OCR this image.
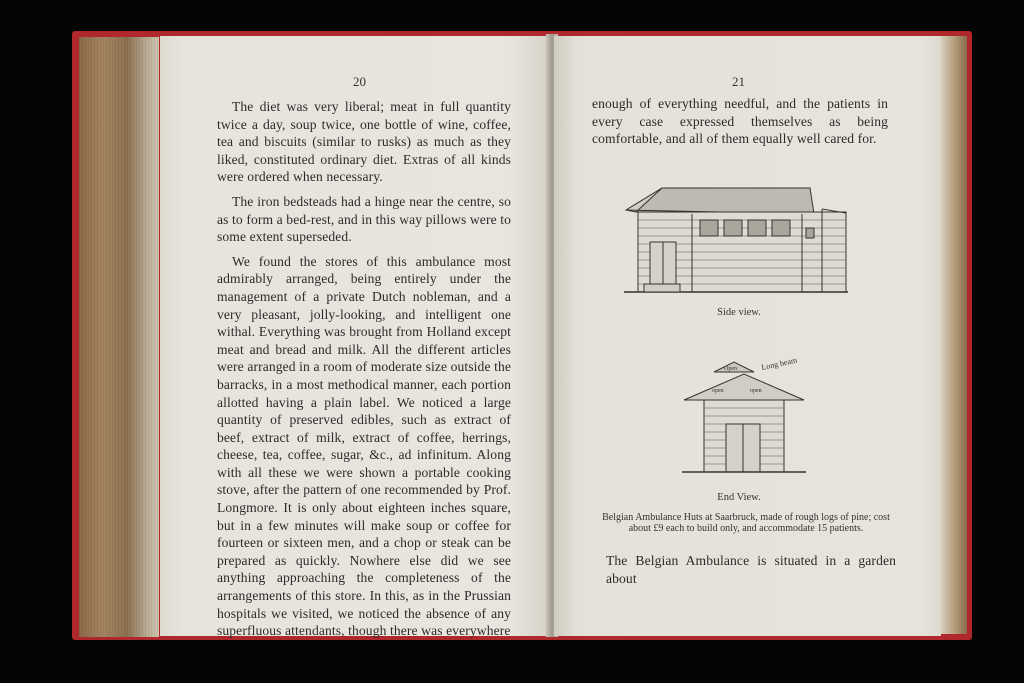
20

The diet was very liberal; meat in full quantity twice a day, soup twice, one bottle of wine, coffee, tea and biscuits (similar to rusks) as much as they liked, constituted ordinary diet. Extras of all kinds were ordered when necessary.

The iron bedsteads had a hinge near the centre, so as to form a bed-rest, and in this way pillows were to some extent superseded.

We found the stores of this ambulance most admirably arranged, being entirely under the management of a private Dutch nobleman, and a very pleasant, jolly-looking, and intelligent one withal. Everything was brought from Holland except meat and bread and milk. All the different articles were arranged in a room of moderate size outside the barracks, in a most methodical manner, each portion allotted having a plain label. We noticed a large quantity of preserved edibles, such as extract of beef, extract of milk, extract of coffee, herrings, cheese, tea, coffee, sugar, &c., ad infinitum. Along with all these we were shown a portable cooking stove, after the pattern of one recommended by Prof. Longmore. It is only about eighteen inches square, but in a few minutes will make soup or coffee for fourteen or sixteen men, and a chop or steak can be prepared as quickly. Nowhere else did we see anything approaching the completeness of the arrangements of this store. In this, as in the Prussian hospitals we visited, we noticed the absence of any superfluous attendants, though there was everywhere

21

enough of everything needful, and the patients in every case expressed themselves as being comfortable, and all of them equally well cared for.

Side view.
Open
open	open
Long beam
End View.
Belgian Ambulance Huts at Saarbruck, made of rough logs of pine; cost about £9 each to build only, and accommodate 15 patients.

The Belgian Ambulance is situated in a garden about
